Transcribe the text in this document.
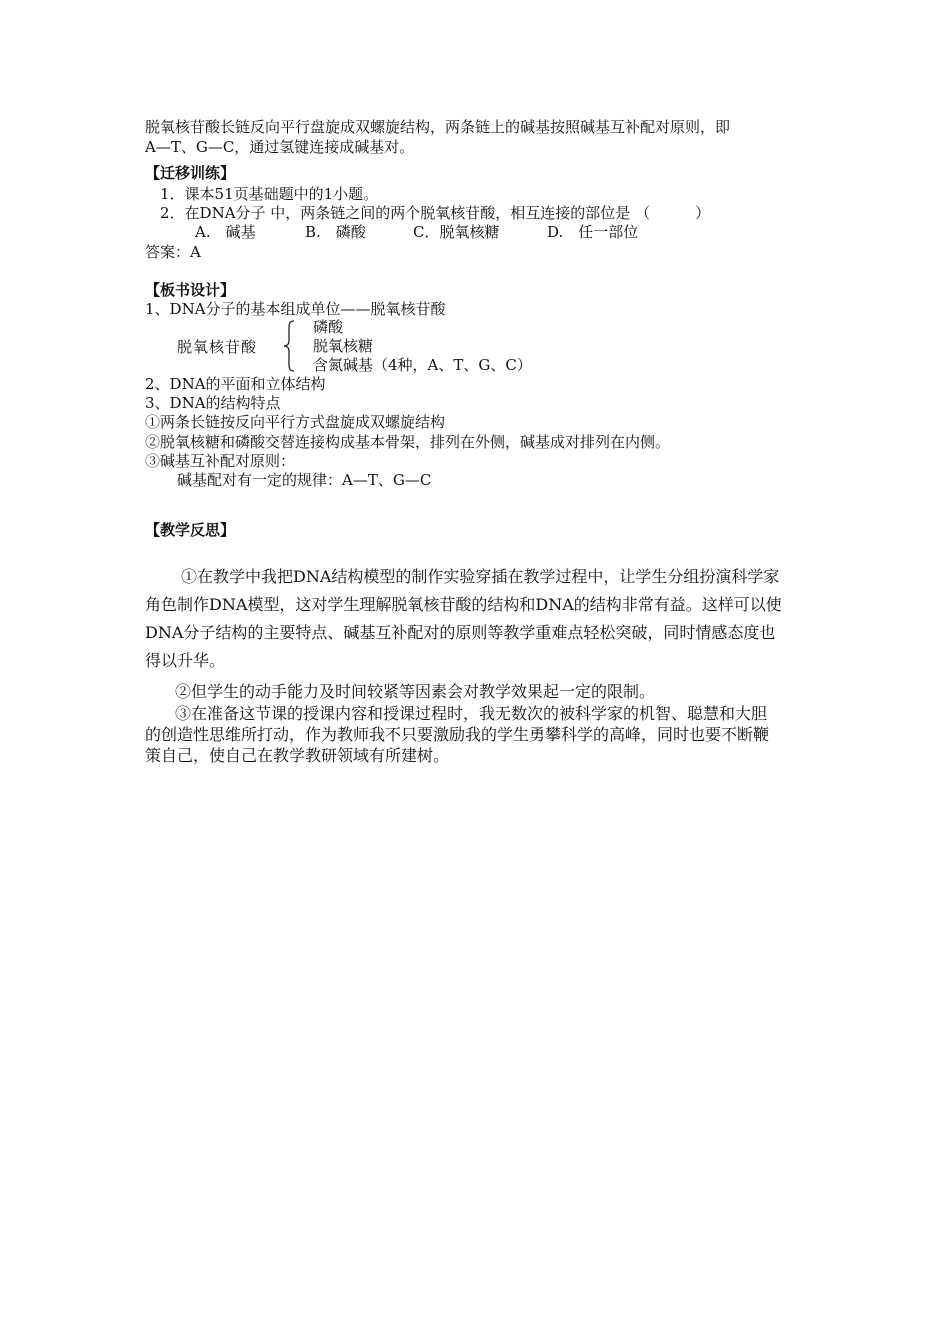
脱氧核苷酸长链反向平行盘旋成双螺旋结构，两条链上的碱基按照碱基互补配对原则，即
A—T、G—C，通过氢键连接成碱基对。
【迁移训练】
1．课本51页基础题中的1小题。
2．在DNA分子 中，两条链之间的两个脱氧核苷酸，相互连接的部位是 （　　　）
A.　碱基	B.　磷酸	C．脱氧核糖	D.　任一部位
答案：A
【板书设计】
1、DNA分子的基本组成单位——脱氧核苷酸
脱氧核苷酸
磷酸
脱氧核糖
含氮碱基（4种，A、T、G、C）
2、DNA的平面和立体结构
3、DNA的结构特点
①两条长链按反向平行方式盘旋成双螺旋结构
②脱氧核糖和磷酸交替连接构成基本骨架，排列在外侧，碱基成对排列在内侧。
③碱基互补配对原则：
碱基配对有一定的规律：A—T、G—C
【教学反思】
①在教学中我把DNA结构模型的制作实验穿插在教学过程中，让学生分组扮演科学家
角色制作DNA模型，这对学生理解脱氧核苷酸的结构和DNA的结构非常有益。这样可以使
DNA分子结构的主要特点、碱基互补配对的原则等教学重难点轻松突破，同时情感态度也
得以升华。
②但学生的动手能力及时间较紧等因素会对教学效果起一定的限制。
③在准备这节课的授课内容和授课过程时，我无数次的被科学家的机智、聪慧和大胆
的创造性思维所打动，作为教师我不只要激励我的学生勇攀科学的高峰，同时也要不断鞭
策自己，使自己在教学教研领域有所建树。
